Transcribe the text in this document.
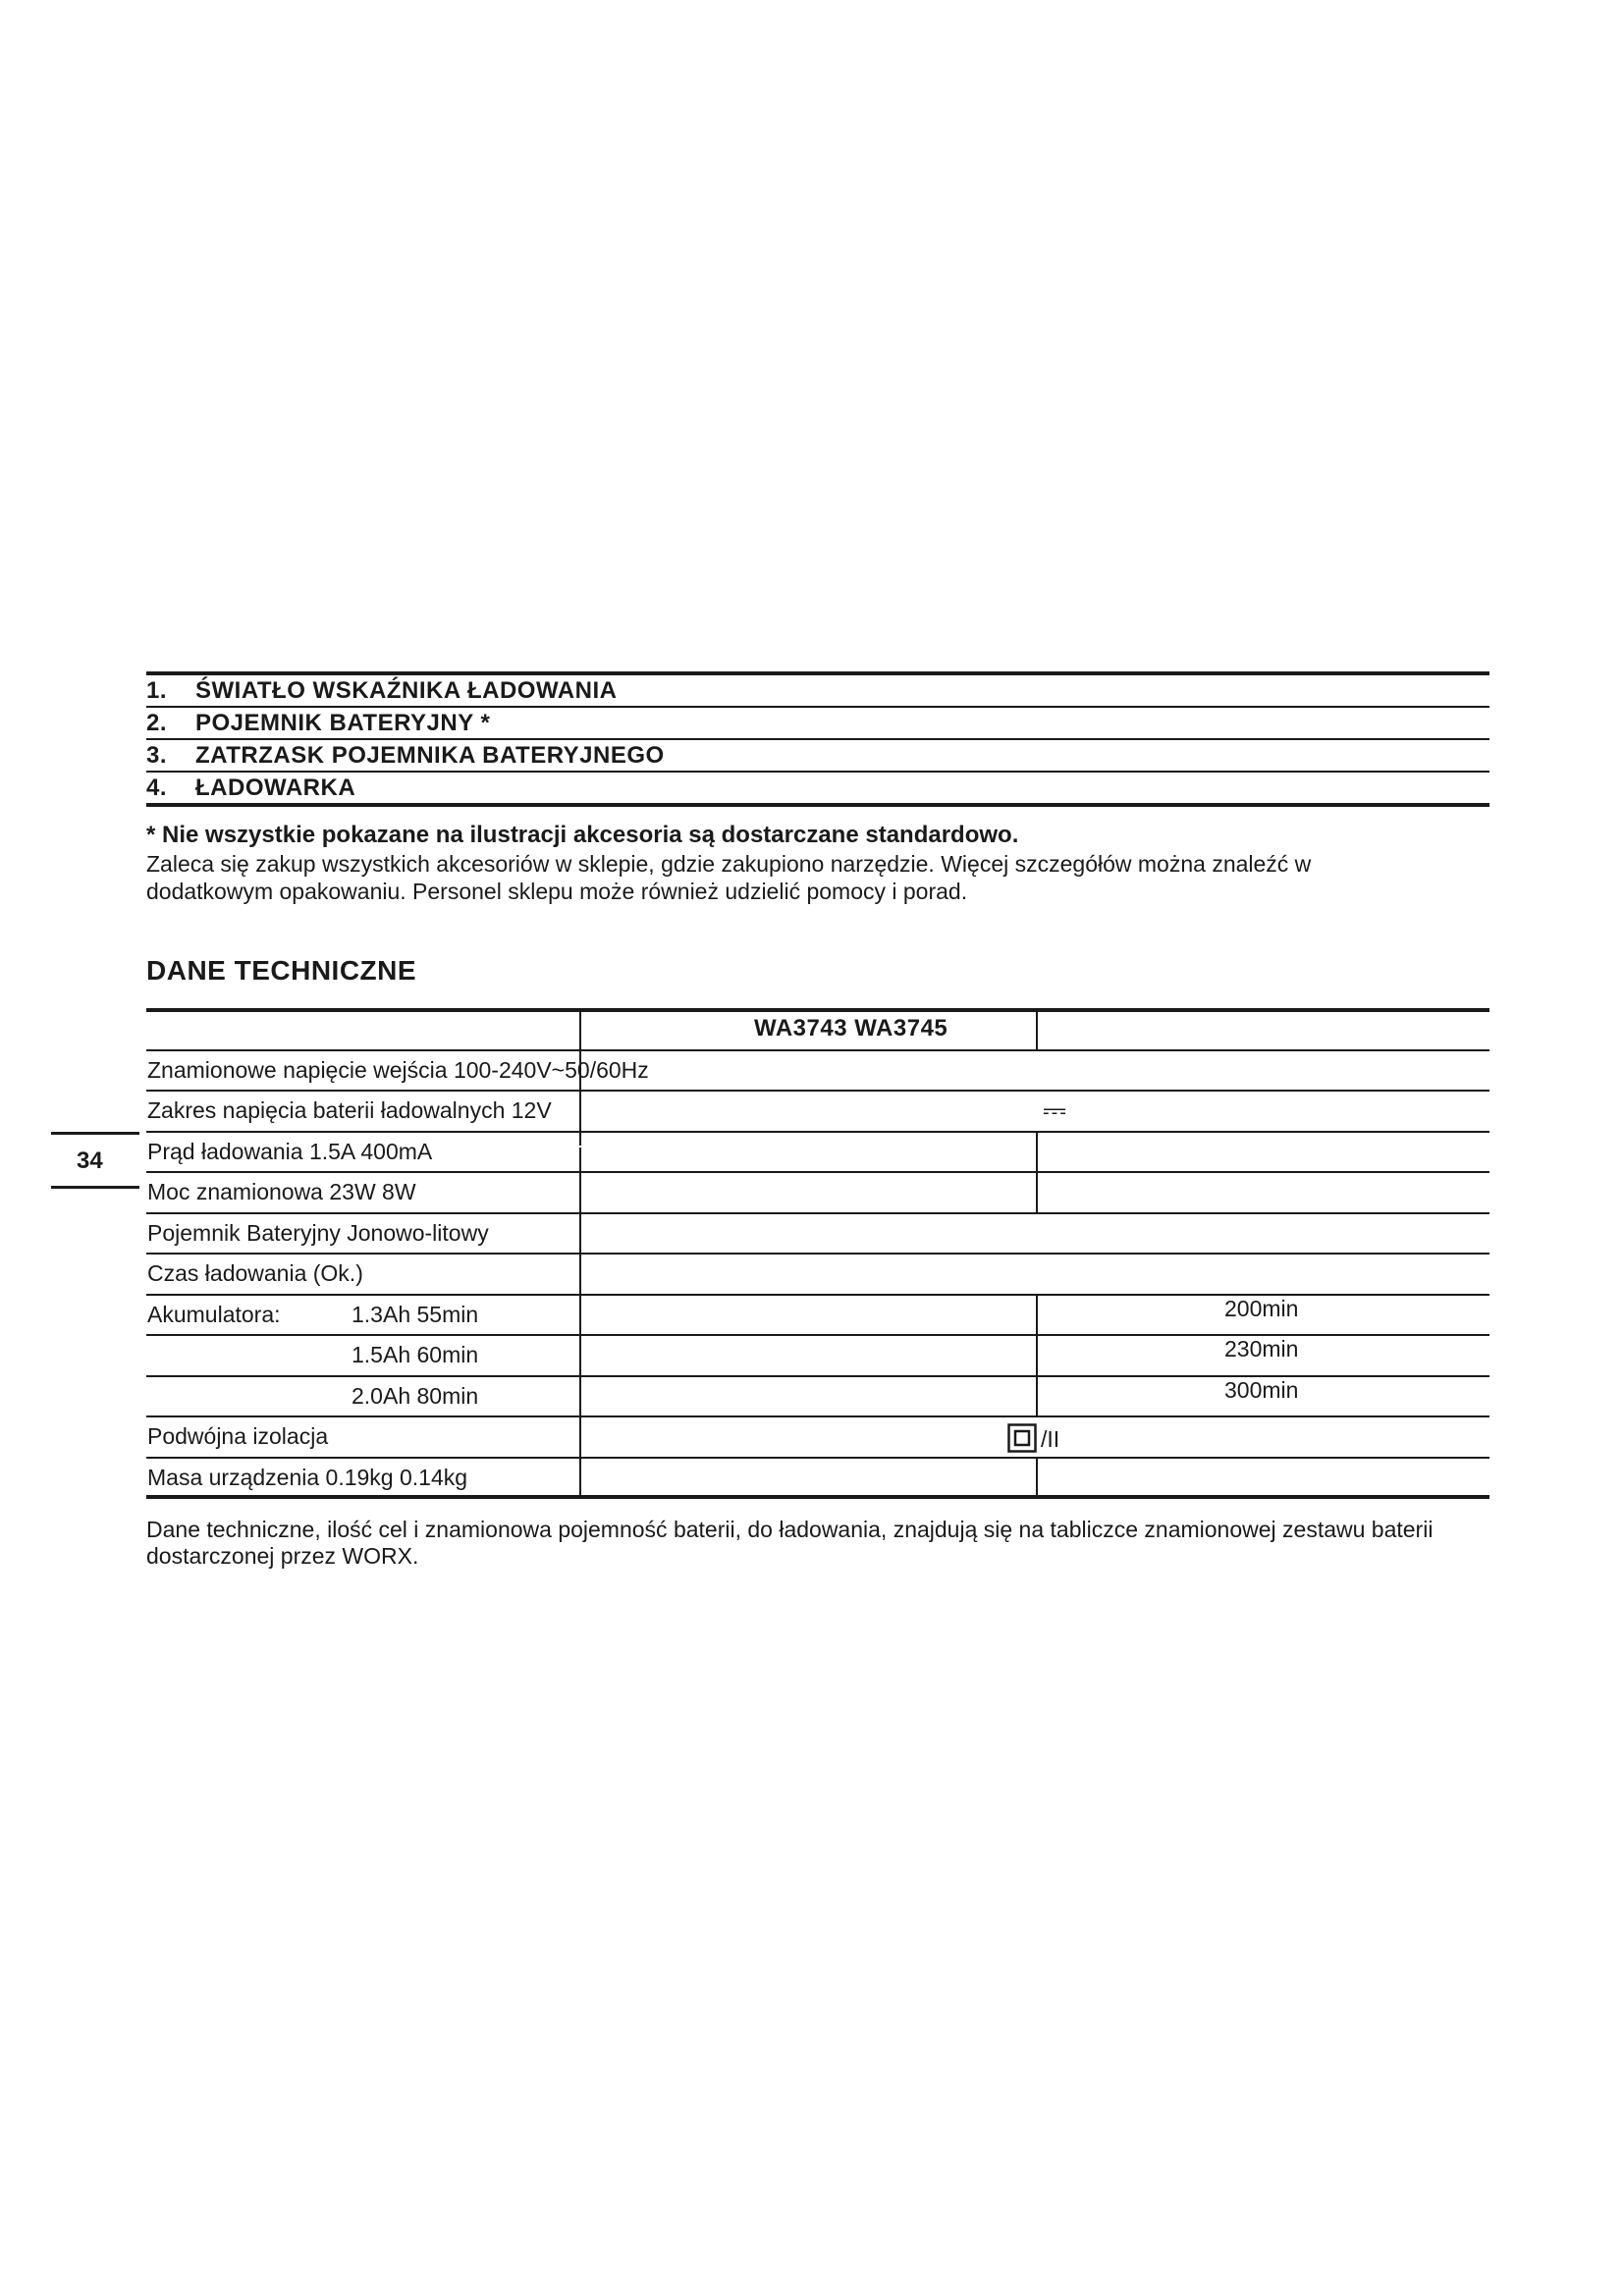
1.	ŚWIATŁO WSKAŹNIKA ŁADOWANIA
2.	POJEMNIK BATERYJNY *
3.	ZATRZASK POJEMNIKA BATERYJNEGO
4.	ŁADOWARKA
* Nie wszystkie pokazane na ilustracji akcesoria są dostarczane standardowo.
Zaleca się zakup wszystkich akcesoriów w sklepie, gdzie zakupiono narzędzie. Więcej szczegółów można znaleźć w dodatkowym opakowaniu. Personel sklepu może również udzielić pomocy i porad.
DANE TECHNICZNE
WA3743 WA3745
Znamionowe napięcie wejścia 100-240V~50/60Hz
Zakres napięcia baterii ładowalnych 12V	⎓
Prąd ładowania 1.5A 400mA
Moc znamionowa 23W 8W
Pojemnik Bateryjny Jonowo-litowy
Czas ładowania (Ok.)
Akumulatora:	1.3Ah 55min	200min
1.5Ah 60min	230min
2.0Ah 80min	300min
Podwójna izolacja	/II
Masa urządzenia 0.19kg 0.14kg
34
Dane techniczne, ilość cel i znamionowa pojemność baterii, do ładowania, znajdują się na tabliczce znamionowej zestawu baterii dostarczonej przez WORX.
